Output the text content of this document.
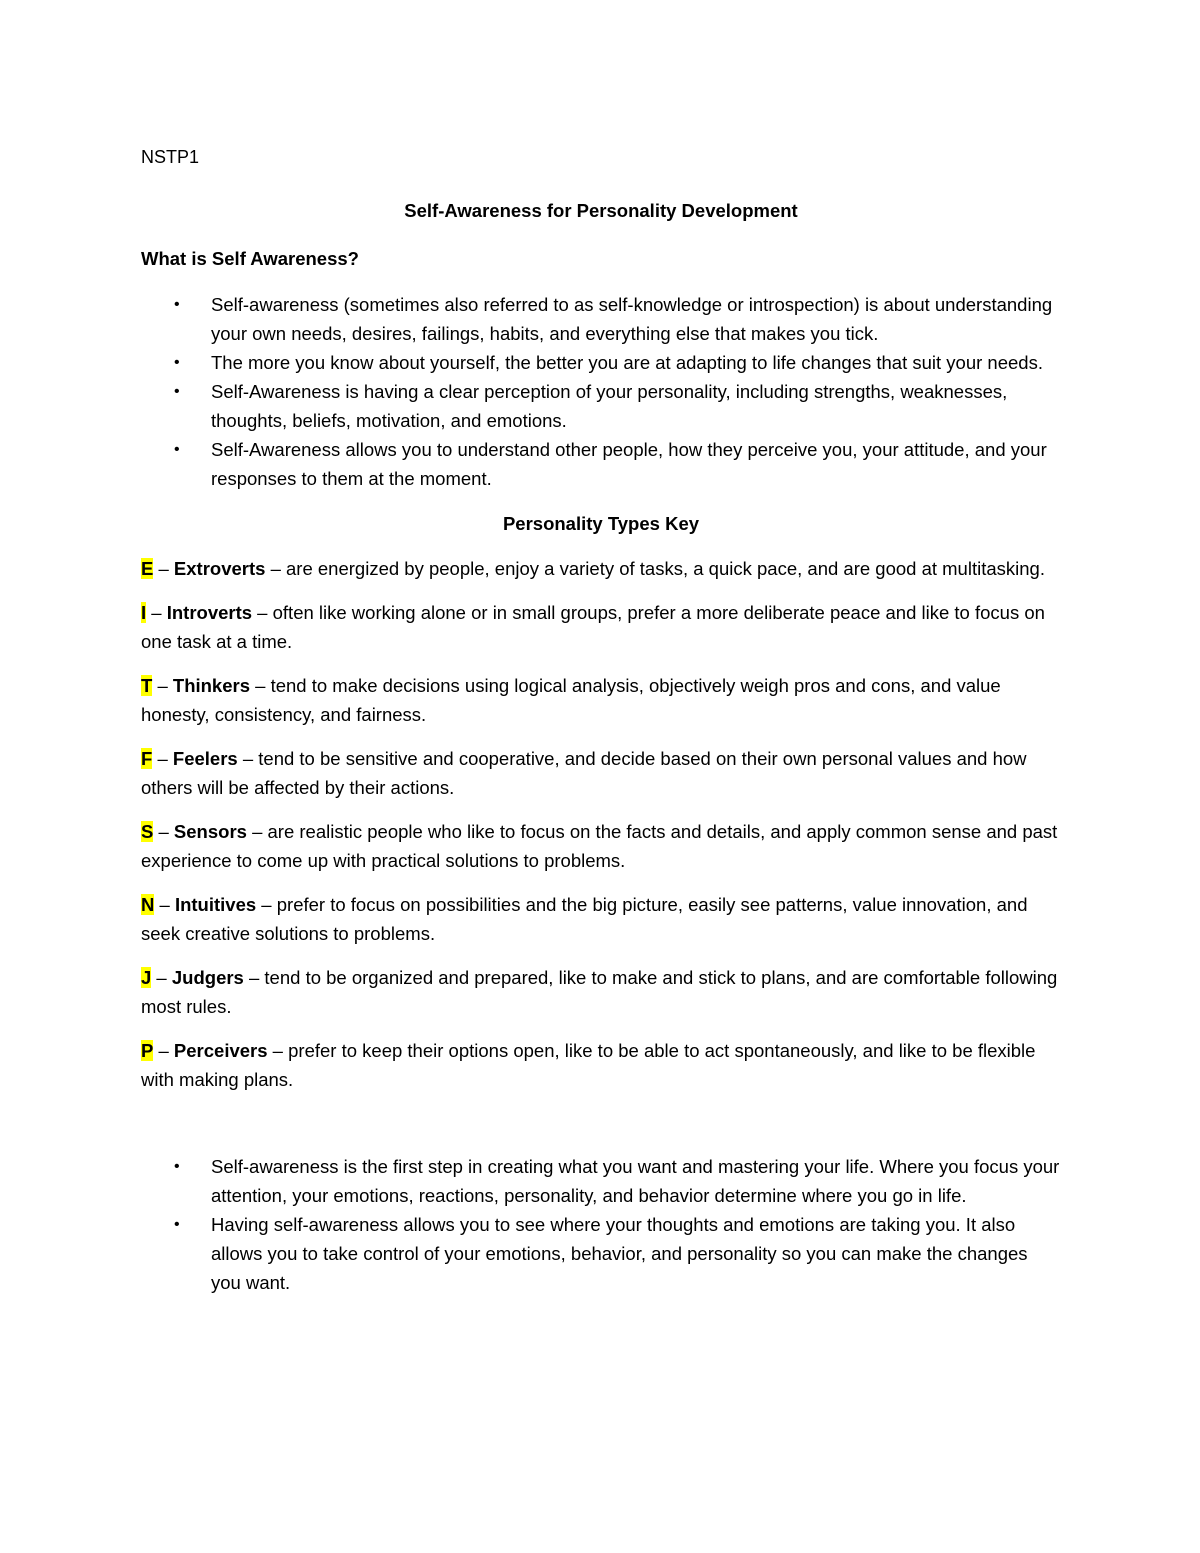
NSTP1

Self-Awareness for Personality Development

What is Self Awareness?

• Self-awareness (sometimes also referred to as self-knowledge or introspection) is about understanding your own needs, desires, failings, habits, and everything else that makes you tick.
• The more you know about yourself, the better you are at adapting to life changes that suit your needs.
• Self-Awareness is having a clear perception of your personality, including strengths, weaknesses, thoughts, beliefs, motivation, and emotions.
• Self-Awareness allows you to understand other people, how they perceive you, your attitude, and your responses to them at the moment.

Personality Types Key

E – Extroverts – are energized by people, enjoy a variety of tasks, a quick pace, and are good at multitasking.

I – Introverts – often like working alone or in small groups, prefer a more deliberate peace and like to focus on one task at a time.

T – Thinkers – tend to make decisions using logical analysis, objectively weigh pros and cons, and value honesty, consistency, and fairness.

F – Feelers – tend to be sensitive and cooperative, and decide based on their own personal values and how others will be affected by their actions.

S – Sensors – are realistic people who like to focus on the facts and details, and apply common sense and past experience to come up with practical solutions to problems.

N – Intuitives – prefer to focus on possibilities and the big picture, easily see patterns, value innovation, and seek creative solutions to problems.

J – Judgers – tend to be organized and prepared, like to make and stick to plans, and are comfortable following most rules.

P – Perceivers – prefer to keep their options open, like to be able to act spontaneously, and like to be flexible with making plans.

• Self-awareness is the first step in creating what you want and mastering your life. Where you focus your attention, your emotions, reactions, personality, and behavior determine where you go in life.
• Having self-awareness allows you to see where your thoughts and emotions are taking you. It also allows you to take control of your emotions, behavior, and personality so you can make the changes you want.
